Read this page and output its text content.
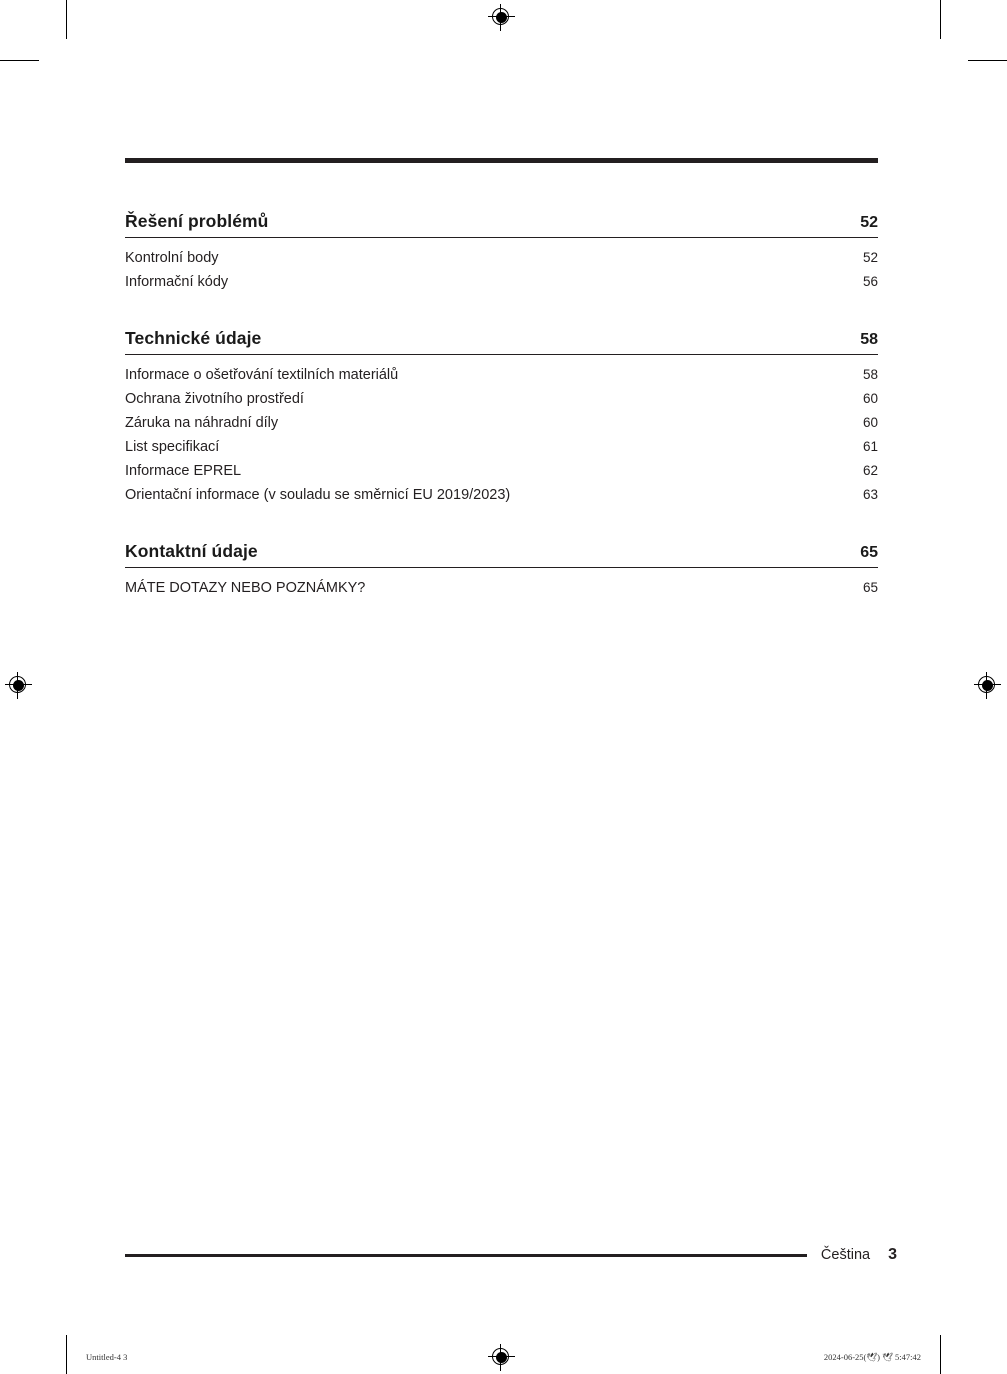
Řešení problémů	52
Kontrolní body	52
Informační kódy	56
Technické údaje	58
Informace o ošetřování textilních materiálů	58
Ochrana životního prostředí	60
Záruka na náhradní díly	60
List specifikací	61
Informace EPREL	62
Orientační informace (v souladu se směrnicí EU 2019/2023)	63
Kontaktní údaje	65
MÁTE DOTAZY NEBO POZNÁMKY?	65
Čeština 3
Untitled-4 3	2024-06-25(🕊) 🕊 5:47:42
